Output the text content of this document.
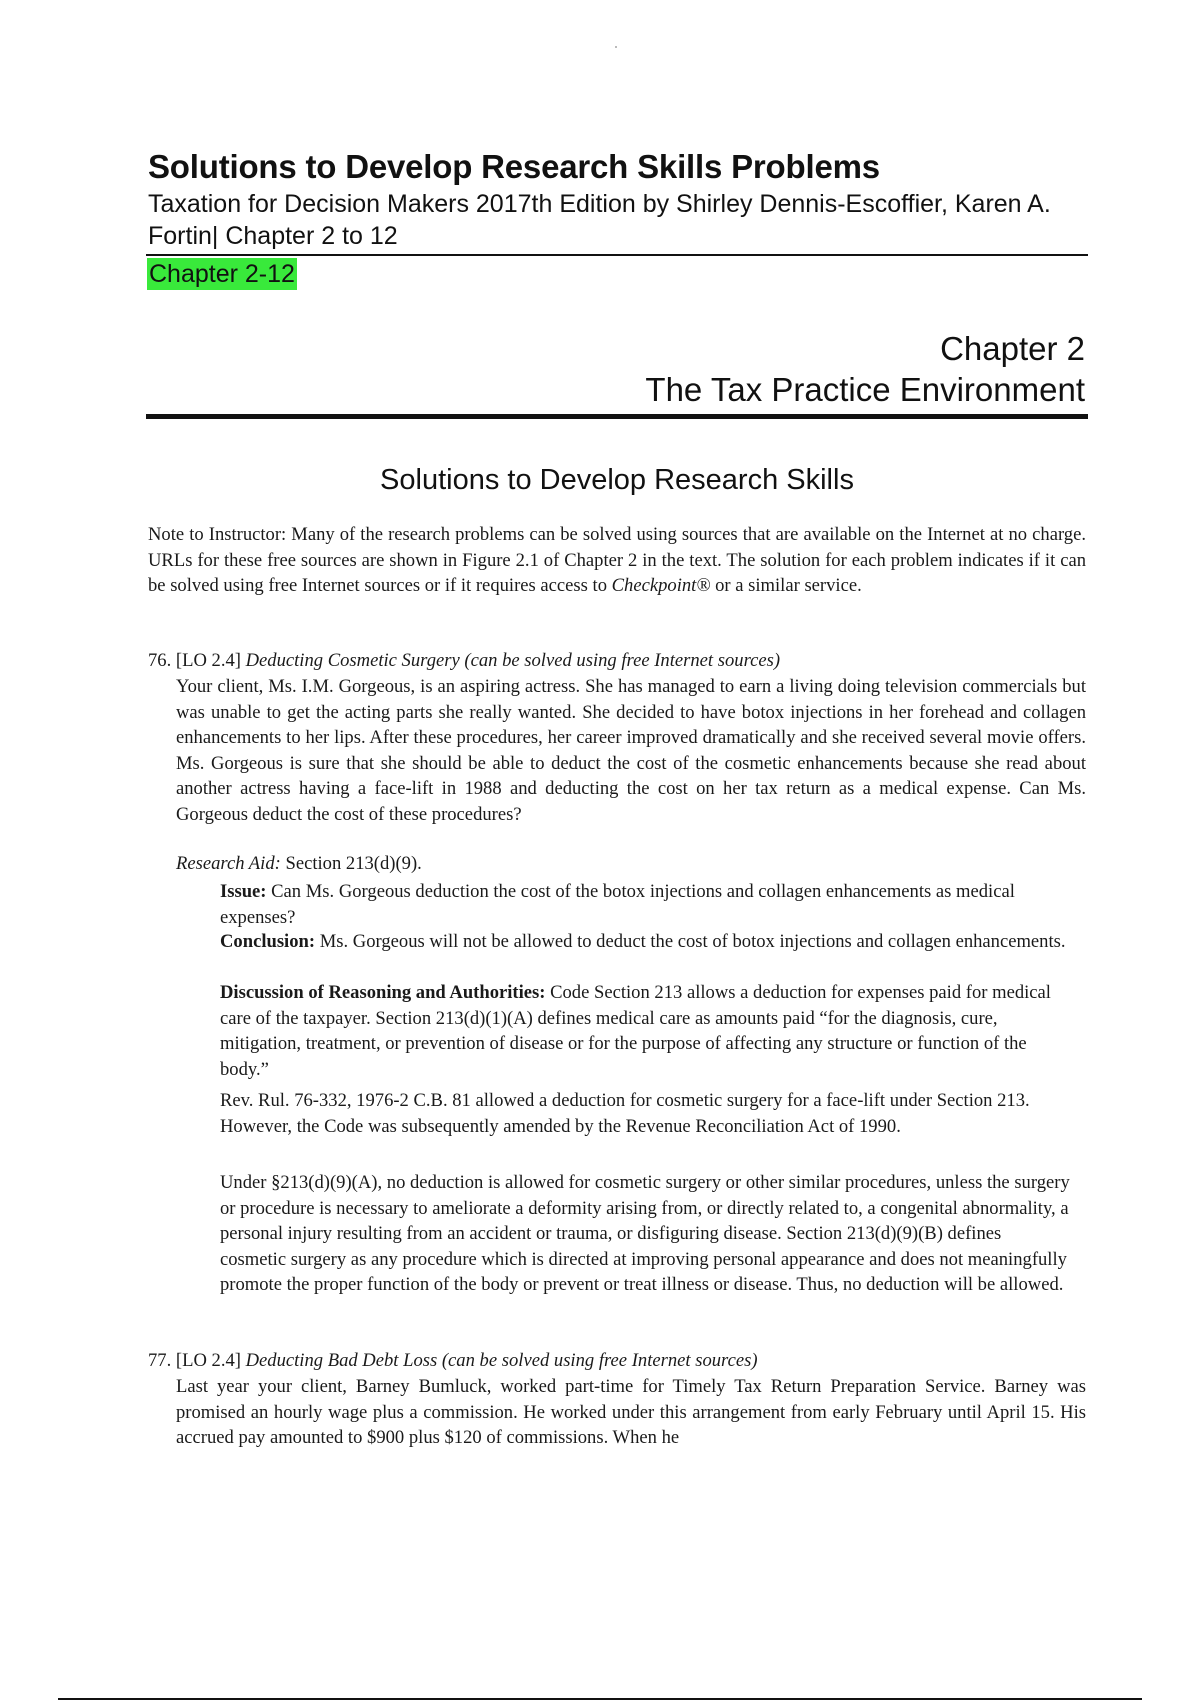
Solutions to Develop Research Skills Problems
Taxation for Decision Makers 2017th Edition by Shirley Dennis-Escoffier, Karen A. Fortin| Chapter 2 to 12
Chapter 2-12
Chapter 2
The Tax Practice Environment
Solutions to Develop Research Skills
Note to Instructor: Many of the research problems can be solved using sources that are available on the Internet at no charge. URLs for these free sources are shown in Figure 2.1 of Chapter 2 in the text. The solution for each problem indicates if it can be solved using free Internet sources or if it requires access to Checkpoint® or a similar service.
76. [LO 2.4] Deducting Cosmetic Surgery (can be solved using free Internet sources)
Your client, Ms. I.M. Gorgeous, is an aspiring actress. She has managed to earn a living doing television commercials but was unable to get the acting parts she really wanted. She decided to have botox injections in her forehead and collagen enhancements to her lips. After these procedures, her career improved dramatically and she received several movie offers. Ms. Gorgeous is sure that she should be able to deduct the cost of the cosmetic enhancements because she read about another actress having a face-lift in 1988 and deducting the cost on her tax return as a medical expense. Can Ms. Gorgeous deduct the cost of these procedures?
Research Aid: Section 213(d)(9).
Issue: Can Ms. Gorgeous deduction the cost of the botox injections and collagen enhancements as medical expenses?
Conclusion: Ms. Gorgeous will not be allowed to deduct the cost of botox injections and collagen enhancements.
Discussion of Reasoning and Authorities: Code Section 213 allows a deduction for expenses paid for medical care of the taxpayer. Section 213(d)(1)(A) defines medical care as amounts paid “for the diagnosis, cure, mitigation, treatment, or prevention of disease or for the purpose of affecting any structure or function of the body.”
Rev. Rul. 76-332, 1976-2 C.B. 81 allowed a deduction for cosmetic surgery for a face-lift under Section 213. However, the Code was subsequently amended by the Revenue Reconciliation Act of 1990.
Under §213(d)(9)(A), no deduction is allowed for cosmetic surgery or other similar procedures, unless the surgery or procedure is necessary to ameliorate a deformity arising from, or directly related to, a congenital abnormality, a personal injury resulting from an accident or trauma, or disfiguring disease. Section 213(d)(9)(B) defines cosmetic surgery as any procedure which is directed at improving personal appearance and does not meaningfully promote the proper function of the body or prevent or treat illness or disease. Thus, no deduction will be allowed.
77. [LO 2.4] Deducting Bad Debt Loss (can be solved using free Internet sources)
Last year your client, Barney Bumluck, worked part-time for Timely Tax Return Preparation Service. Barney was promised an hourly wage plus a commission. He worked under this arrangement from early February until April 15. His accrued pay amounted to $900 plus $120 of commissions. When he
